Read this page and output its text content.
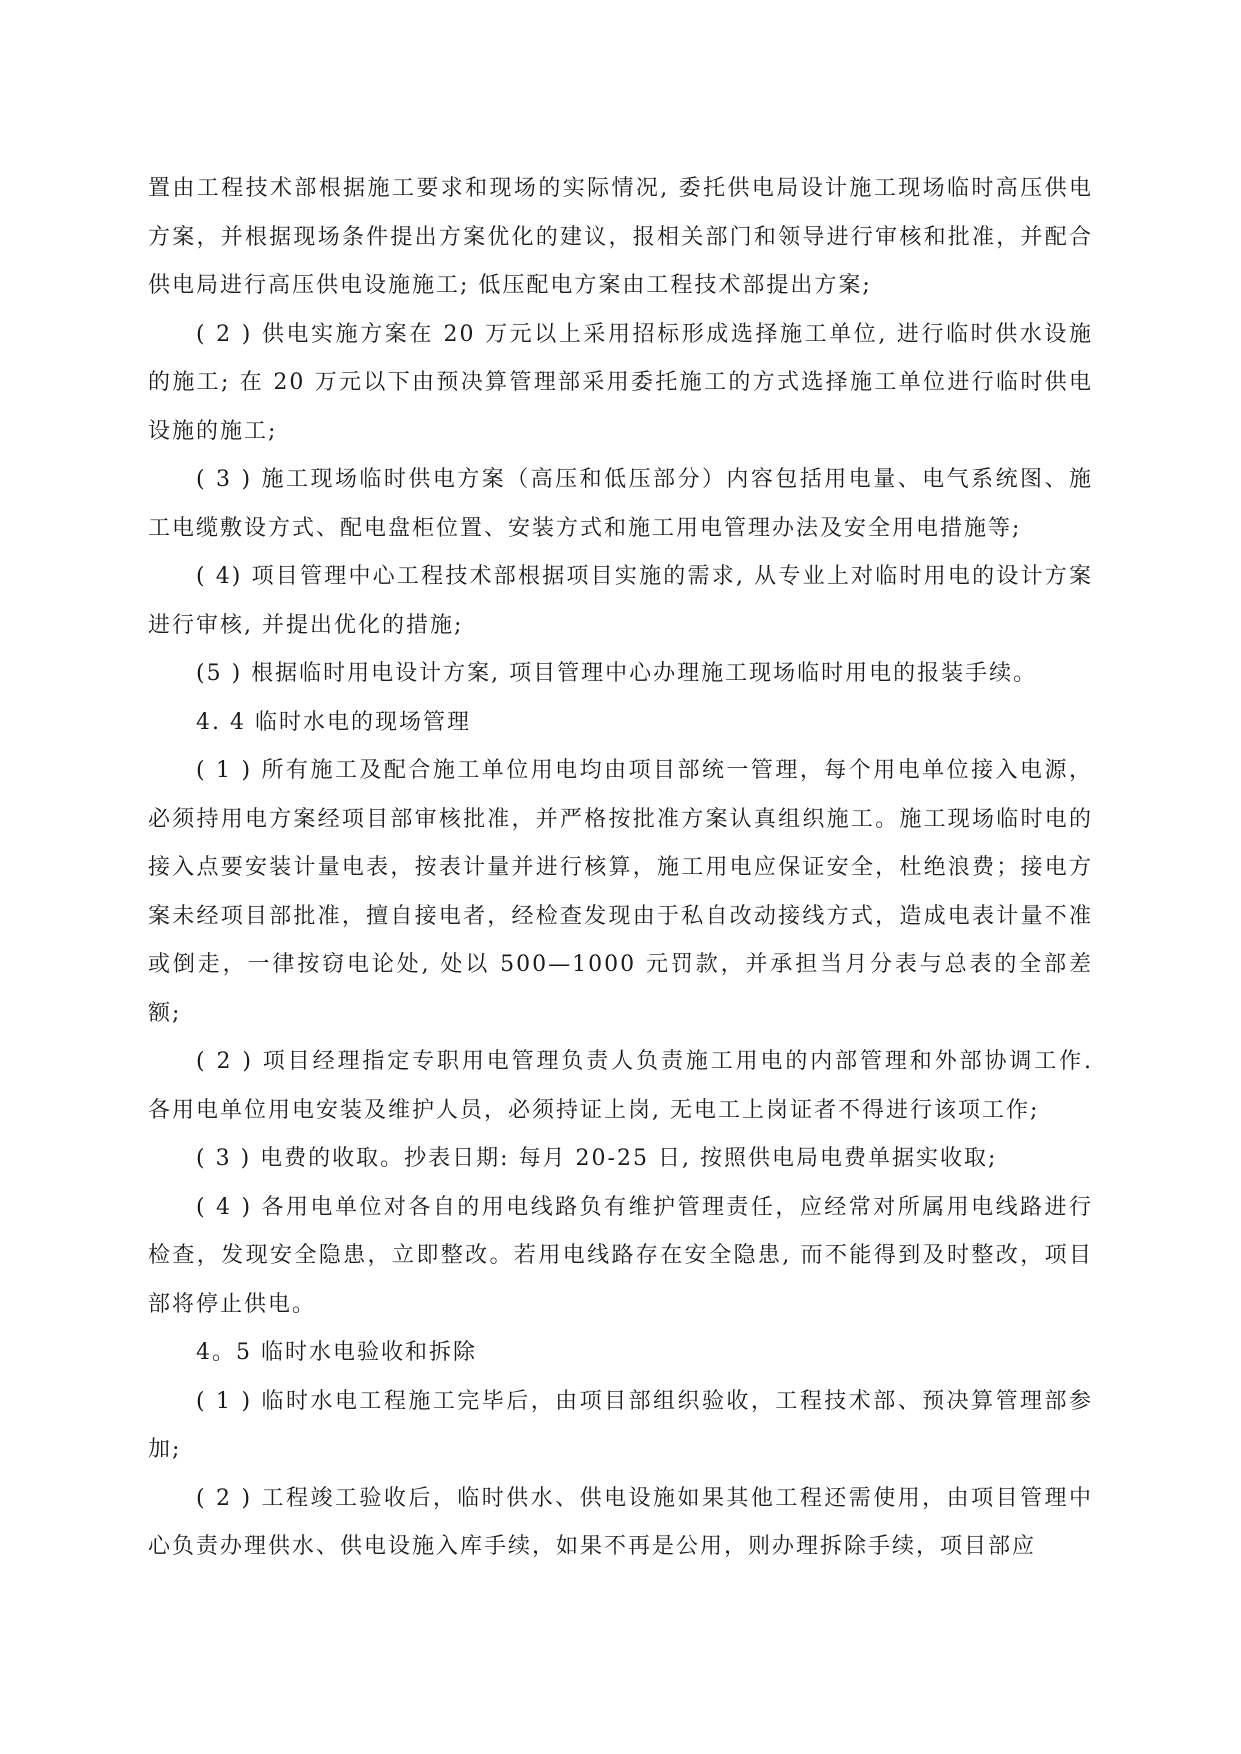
置由工程技术部根据施工要求和现场的实际情况, 委托供电局设计施工现场临时高压供电方案，并根据现场条件提出方案优化的建议，报相关部门和领导进行审核和批准，并配合供电局进行高压供电设施施工; 低压配电方案由工程技术部提出方案;

( 2 ) 供电实施方案在 20 万元以上采用招标形成选择施工单位, 进行临时供水设施的施工; 在 20 万元以下由预决算管理部采用委托施工的方式选择施工单位进行临时供电设施的施工;

( 3 ) 施工现场临时供电方案（高压和低压部分）内容包括用电量、电气系统图、施工电缆敷设方式、配电盘柜位置、安装方式和施工用电管理办法及安全用电措施等;

( 4) 项目管理中心工程技术部根据项目实施的需求, 从专业上对临时用电的设计方案进行审核, 并提出优化的措施;

(5 ) 根据临时用电设计方案, 项目管理中心办理施工现场临时用电的报装手续。

4. 4 临时水电的现场管理

( 1 ) 所有施工及配合施工单位用电均由项目部统一管理，每个用电单位接入电源，必须持用电方案经项目部审核批准，并严格按批准方案认真组织施工。施工现场临时电的接入点要安装计量电表，按表计量并进行核算，施工用电应保证安全，杜绝浪费；接电方案未经项目部批准，擅自接电者，经检查发现由于私自改动接线方式，造成电表计量不准或倒走，一律按窃电论处, 处以 500—1000 元罚款，并承担当月分表与总表的全部差额;

( 2 ) 项目经理指定专职用电管理负责人负责施工用电的内部管理和外部协调工作. 各用电单位用电安装及维护人员，必须持证上岗, 无电工上岗证者不得进行该项工作;

( 3 ) 电费的收取。抄表日期: 每月 20-25 日, 按照供电局电费单据实收取;

( 4 ) 各用电单位对各自的用电线路负有维护管理责任，应经常对所属用电线路进行检查，发现安全隐患，立即整改。若用电线路存在安全隐患, 而不能得到及时整改，项目部将停止供电。

4。5 临时水电验收和拆除

( 1 ) 临时水电工程施工完毕后，由项目部组织验收，工程技术部、预决算管理部参加;

( 2 ) 工程竣工验收后，临时供水、供电设施如果其他工程还需使用，由项目管理中心负责办理供水、供电设施入库手续，如果不再是公用，则办理拆除手续，项目部应
